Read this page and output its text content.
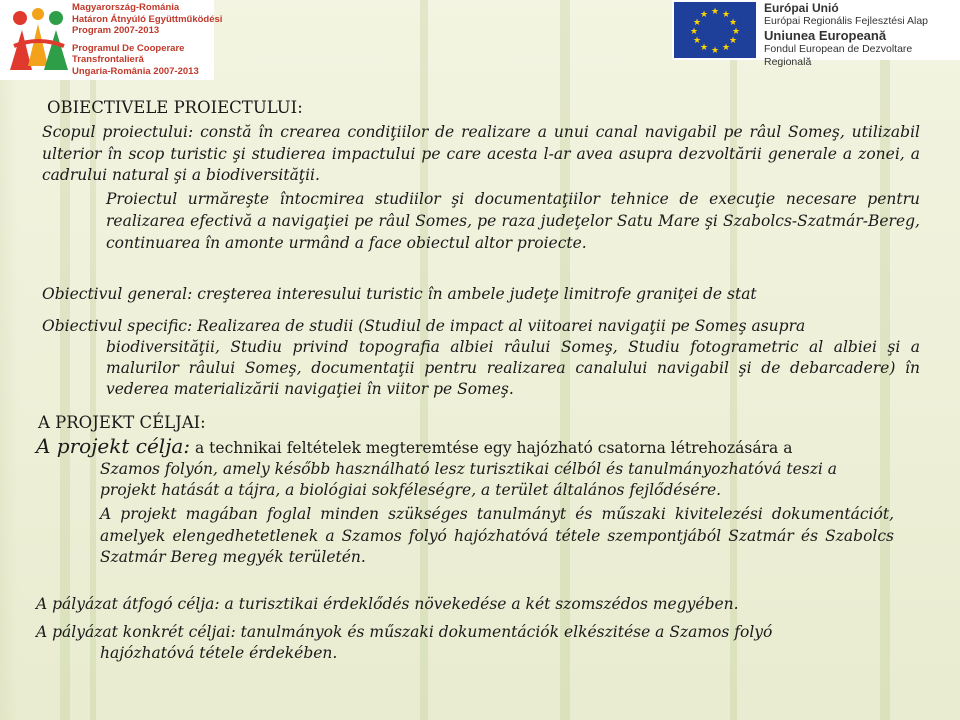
Magyarország-Románia
Határon Átnyúló Együttműködési
Program 2007-2013
Programul De Cooperare
Transfrontalieră
Ungaria-România 2007-2013
★ ★
★
★
★
★
★
★
★
★
★
★	Európai Unió
Európai Regionális Fejlesztési Alap
Uniunea Europeană
Fondul European de Dezvoltare Regională

OBIECTIVELE PROIECTULUI:

Scopul proiectului: constă în crearea condiţiilor de realizare a unui canal navigabil pe râul Someş, utilizabil ulterior în scop turistic şi studierea impactului pe care acesta l-ar avea asupra dezvoltării generale a zonei, a cadrului natural şi a biodiversităţii.

Proiectul urmăreşte întocmirea studiilor şi documentaţiilor tehnice de execuţie necesare pentru realizarea efectivă a navigaţiei pe râul Somes, pe raza judeţelor Satu Mare şi Szabolcs-Szatmár-Bereg, continuarea în amonte urmând a face obiectul altor proiecte.

Obiectivul general: creşterea interesului turistic în ambele judeţe limitrofe graniţei de stat

Obiectivul specific: Realizarea de studii (Studiul de impact al viitoarei navigaţii pe Someş asupra
biodiversităţii, Studiu privind topografia albiei râului Someş, Studiu fotogrametric al albiei şi a malurilor râului Someş, documentaţii pentru realizarea canalului navigabil şi de debarcadere) în vederea materializării navigaţiei în viitor pe Someş.

A PROJEKT CÉLJAI:

A projekt célja: a technikai feltételek megteremtése egy hajózható csatorna létrehozására a
Szamos folyón, amely később használható lesz turisztikai célból és tanulmányozhatóvá teszi a projekt hatását a tájra, a biológiai sokféleségre, a terület általános fejlődésére.

A projekt magában foglal minden szükséges tanulmányt és műszaki kivitelezési dokumentációt, amelyek elengedhetetlenek a Szamos folyó hajózhatóvá tétele szempontjából Szatmár és Szabolcs Szatmár Bereg megyék területén.

A pályázat átfogó célja: a turisztikai érdeklődés növekedése a két szomszédos megyében.

A pályázat konkrét céljai: tanulmányok és műszaki dokumentációk elkészitése a Szamos folyó
hajózhatóvá tétele érdekében.
